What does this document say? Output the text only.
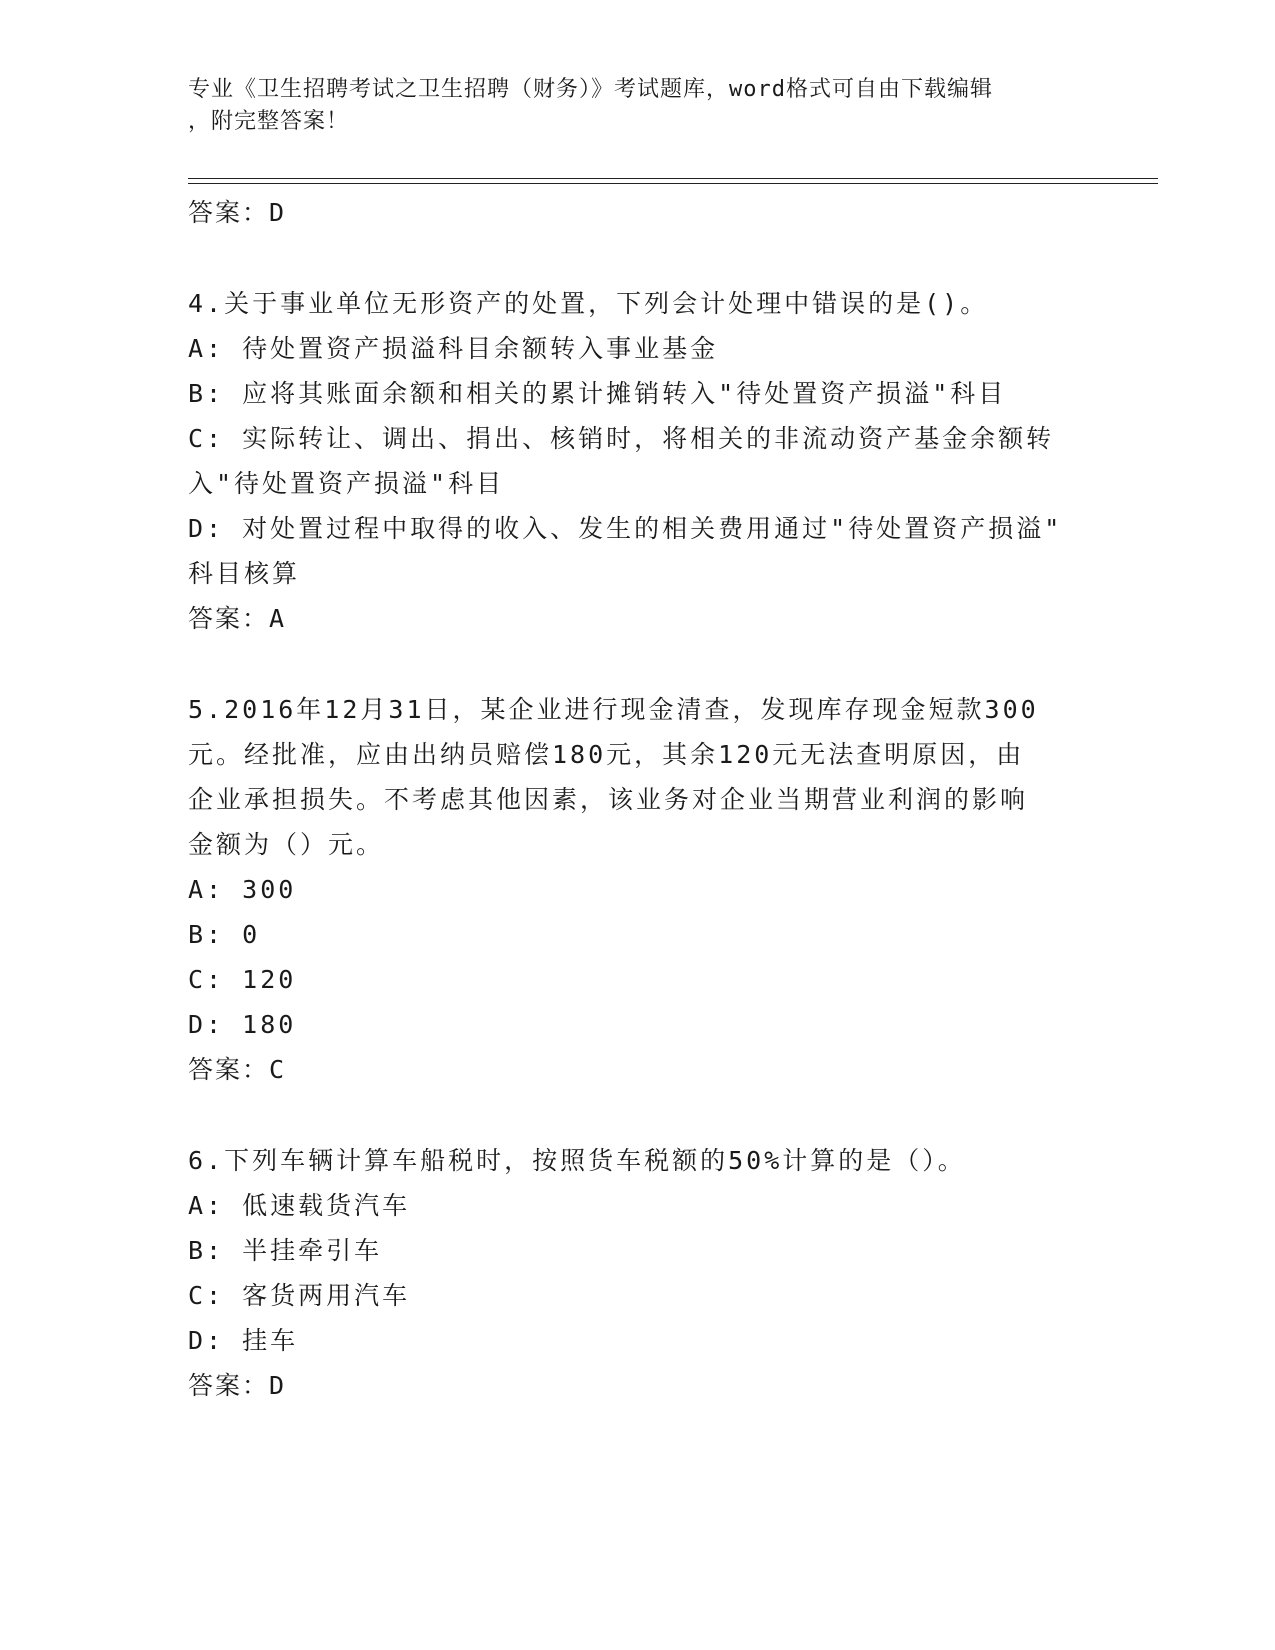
专业《卫生招聘考试之卫生招聘（财务）》考试题库，word格式可自由下载编辑
，附完整答案！
答案：D
4.关于事业单位无形资产的处置，下列会计处理中错误的是()。
A: 待处置资产损溢科目余额转入事业基金
B: 应将其账面余额和相关的累计摊销转入"待处置资产损溢"科目
C: 实际转让、调出、捐出、核销时，将相关的非流动资产基金余额转
入"待处置资产损溢"科目
D: 对处置过程中取得的收入、发生的相关费用通过"待处置资产损溢"
科目核算
答案：A
5.2016年12月31日，某企业进行现金清查，发现库存现金短款300
元。经批准，应由出纳员赔偿180元，其余120元无法查明原因，由
企业承担损失。不考虑其他因素，该业务对企业当期营业利润的影响
金额为（）元。
A: 300
B: 0
C: 120
D: 180
答案：C
6.下列车辆计算车船税时，按照货车税额的50%计算的是（）。
A: 低速载货汽车
B: 半挂牵引车
C: 客货两用汽车
D: 挂车
答案：D
